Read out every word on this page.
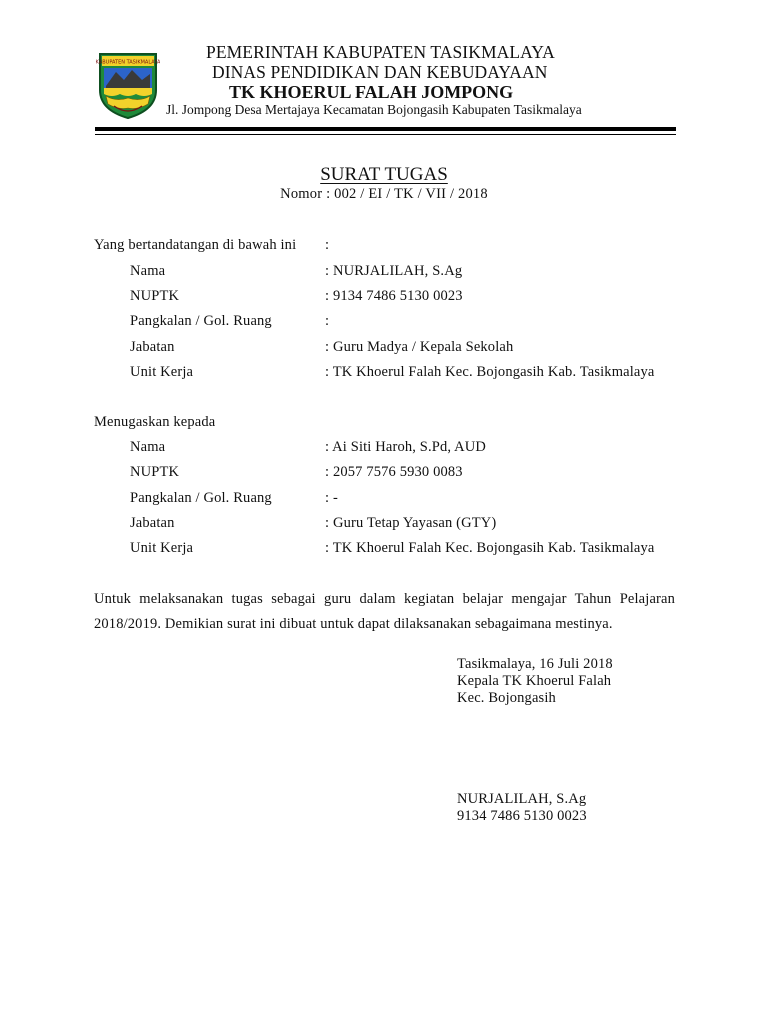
KABUPATEN TASIKMALAYA
PEMERINTAH KABUPATEN TASIKMALAYA
DINAS PENDIDIKAN DAN KEBUDAYAAN
TK KHOERUL FALAH JOMPONG
Jl. Jompong Desa Mertajaya Kecamatan Bojongasih Kabupaten Tasikmalaya
SURAT TUGAS
Nomor : 002 / EI / TK / VII / 2018
Yang bertandatangan di bawah ini :
Nama	: NURJALILAH, S.Ag
NUPTK	: 9134 7486 5130 0023
Pangkalan / Gol. Ruang	:
Jabatan	: Guru Madya / Kepala Sekolah
Unit Kerja	: TK Khoerul Falah Kec. Bojongasih Kab. Tasikmalaya
Menugaskan kepada
Nama	: Ai Siti Haroh, S.Pd, AUD
NUPTK	: 2057 7576 5930 0083
Pangkalan / Gol. Ruang	: -
Jabatan	: Guru Tetap Yayasan (GTY)
Unit Kerja	: TK Khoerul Falah Kec. Bojongasih Kab. Tasikmalaya
Untuk melaksanakan tugas sebagai guru dalam kegiatan belajar mengajar Tahun Pelajaran 2018/2019. Demikian surat ini dibuat untuk dapat dilaksanakan sebagaimana mestinya.
Tasikmalaya, 16 Juli 2018
Kepala TK Khoerul Falah
Kec. Bojongasih
NURJALILAH, S.Ag
9134 7486 5130 0023
